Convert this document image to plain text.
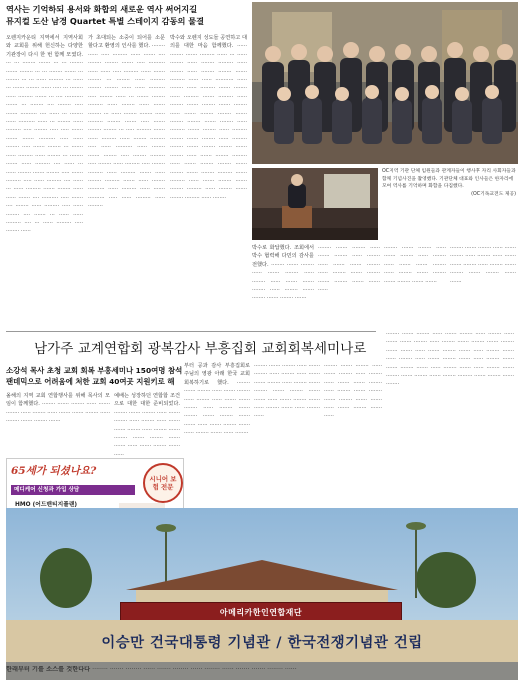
역사는 기억하되 용서와 화합의 새로운 역사 써어지길
뮤지컬 도산 남경 Quartet 특별 스테이지 감동의 물결
오렌지카운티 지역에서 지역사회와 교회를 위해 헌신하는 다양한 기관장이 다시 한 번 함께 모였다. ··· ··· ········ ······· ··· ··· ········ ······· ········ ··· ··· ········ ······· ··· ········ ··· ··· ······ ········· ··· ······ ··· ······· ········ ······ ····· ··· ········ ······ ········· ······· ··· ···· ··········· ······· ··· ········ ···· ········ ····· ······· ·········· ···· ······ ··· ········ ······ ·········· ······ ··· ········ ······ ········· ····· ········ ····· ····· ······· ······· ······· ·········· ····· ······ ········ ····· ······· ········ ··· ······· ······ ········· ······ ········ ··· ········ ······· ······ ········· ···· ······ ··· ······ ········ ······· ········ ····· ······· ········· ····· ······ ········· ···· ······ ··· ······ ········· ······· ········ ······ ······ ······· ···· ·········· ····· ······· ···· ········ ······ ········· ····· ······ ········ ···· ······· ··· ······ ······ ········· ···· ··· ······ ········· ····· ········ ······
가 초대되는 소중이 되어를 소문 할다고 환영의 인사를 했다. ········ ······ ····· ········· ······ ······· ···· ········ ········ ······· ····· ·········· ······ ······ ····· ········· ······ ······· ········ ··· ········ ······ ········· ········ ········ ······ ······ ·········· ····· ········ ······ ··· ······· ········ ········· ······ ········ ······ ······· ········ ··· ······ ········ ········ ······ ········· ········ ······· ····· ······· ········ ········ ··· ····· ········· ······· ······ ········· ······ ········ ········· ····· ······ ·········· ······ ········ ······· ········ ····· ········ ········· ····· ········ ······ ········· ····· ········ ········· ······ ········· ······· ······ ········ ········· ······· ······ ········ ·········· ······ ········· ······ ······· ·········· ····· ······ ········· ······ ·········
박수와 오렌지 성도들 공연하고 대의를 대한 마음 함께했다. ······ ········ ······· ········· ······ ··· ······ ········ ······ ········ ········· ······ ········ ······ ········ ········ ······· ········· ······ ······ ··········· ······ ········ ······ ········· ······· ········ ······ ········· ······· ········· ······ ········ ······· ········ ······· ········ ······ ······· ········ ········ ······· ········ ········ ······· ········ ······ ········· ······· ········ ······ ········· ········ ······· ········ ······ ········· ········ ······· ········ ········ ······· ········ ······ ······· ········ ········· ······ ······· ········ ········ ······· ········ ······· ········ ········· ······· ········· ······ ······· ········ ······· ········ ········· ······ ········ ······· ········ ········· ······ ········
OC지역 기관 단체 임원들과 관계자들이 행사후 자리 사회자들과 함께 기념사진을 촬영했다. 기관단체 대표와 인사들은 한자리에 모여 역사를 기억하며 화합을 다짐했다.
(OC기독교전도 제공)
박수로 화답했다. 조회에서 박수 협력해 다민의 감사를 전했다. ········ ······· ········ ······ ······· ········ ······ ········ ······ ······· ······· ········ ······ ········ ······· ········ ······· ········ ·······
········ ······· ········ ······ ······· ········ ······ ········ ······ ······· ······· ········ ······ ········ ······· ········ ······· ········ ······· ······· ······
········ ······· ········ ······ ······· ········ ······ ········ ······ ······· ······· ········ ······ ········ ······· ········ ······· ········ ······· ·······
········ ······· ········ ······ ······· ········ ······ ········ ······ ······· ······· ········ ······ ········ ······· ········ ······· ········ ······· ·······
남가주 교계연합회 광복감사 부흥집회 교회회복세미나로
소강석 목사 초청 교회 회복 부흥세미나 150여명 참석
팬데믹으로 어려움에 처한 교회 40여곳 지원키로 해
올해의 지역 교회 연합행사를 위해 목사의 모임이 함께했다. ········ ······· ········ ······ ······· ········ ······ ········ ······ ······· ······· ········ ······ ········ ······· ········ ·······
예배는 성장하던 연합합 조건으로 대한 대한 준비되었다. ········ ······· ········ ······ ······· ········ ······ ········ ······ ······· ······· ········ ······ ········ ······· ········ ······· ········ ······· ······· ······ ······· ········ ······· ······
부터 공과 감사 부흥집회로 주님의 영광 아래 한국 교회 회복하기로 했다. ········ ······· ········ ······ ······· ········ ······ ········ ······ ······· ······· ········ ······ ········ ······· ········ ······· ········ ······· ······· ······ ······· ········ ······· ······ ········ ······· ······ ········
········ ······· ········ ······ ······· ········ ······ ········ ······ ······· ······· ········ ······ ········ ······· ········ ······· ········ ······· ······· ······ ······· ········ ······· ······ ········ ······· ······ ········ ······
········ ······· ········ ······ ······· ········ ······ ········ ······ ······· ······· ········ ······ ········ ······· ········ ······· ········ ······· ······· ······ ······· ········ ······· ······
········ ······· ········ ······ ······· ········ ······ ········ ······ ······· ······· ········ ······ ········ ······· ········ ······· ········ ······· ······· ······ ······· ········ ······· ······ ········ ······· ······ ········ ······ ······· ········ ······· ······ ········ ······· ······· ········ ······· ······ ········ ······· ······ ········ ······· ········ ······· ········ ······· ········ ········· ······· ········ ······· ········
65세가 되셨나요?
시니어 보험 전문
메디케어 신청과 가입 상담
HMO (어드밴티지플랜)
아메리카한인연합재단
이승만 건국대통령 기념관 / 한국전쟁기념관 건립
한래부터 기를 소스를 것한다다 ········ ······· ········ ······ ······· ········ ······ ········ ······ ······· ······· ········ ······
